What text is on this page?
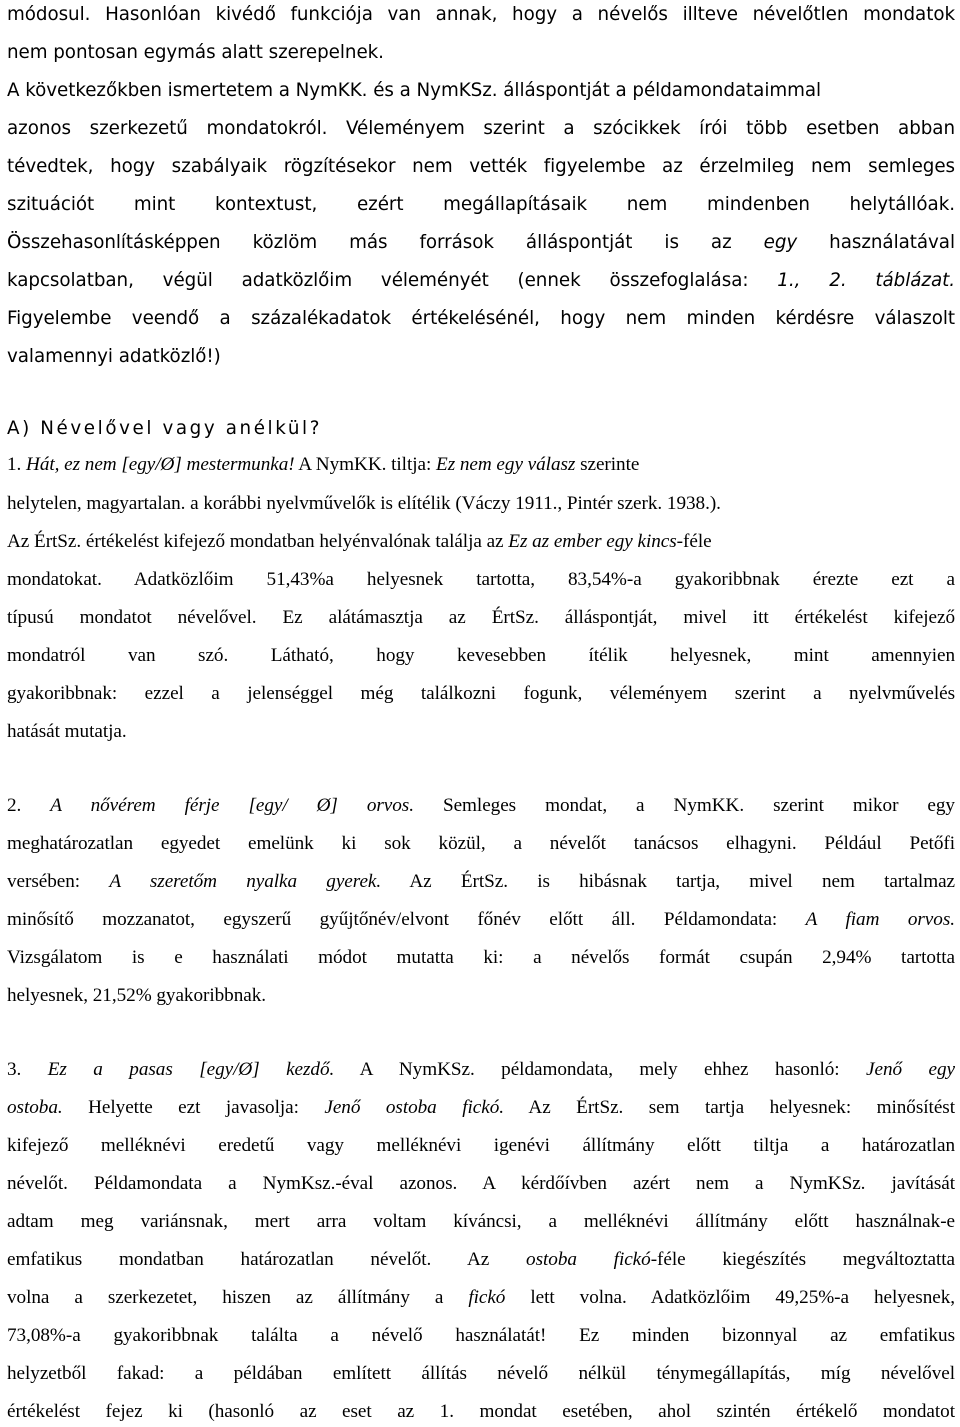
módosul. Hasonlóan kivédő funkciója van annak, hogy a névelős illteve névelőtlen mondatok
nem pontosan egymás alatt szerepelnek.
A következőkben ismertetem a NymKK. és a NymKSz. álláspontját a példamondataimmal
azonos szerkezetű mondatokról. Véleményem szerint a szócikkek írói több esetben abban
tévedtek, hogy szabályaik rögzítésekor nem vették figyelembe az érzelmileg nem semleges
szituációt mint kontextust, ezért megállapításaik nem mindenben helytállóak.
Összehasonlításképpen közlöm más források álláspontját is az egy használatával
kapcsolatban, végül adatközlőim véleményét (ennek összefoglalása: 1., 2. táblázat.
Figyelembe veendő a százalékadatok értékelésénél, hogy nem minden kérdésre válaszolt
valamennyi adatközlő!)
A) Névelővel vagy anélkül?
1. Hát, ez nem [egy/Ø] mestermunka! A NymKK. tiltja: Ez nem egy válasz szerinte
helytelen, magyartalan. a korábbi nyelvművelők is elítélik (Váczy 1911., Pintér szerk. 1938.).
Az ÉrtSz. értékelést kifejező mondatban helyénvalónak találja az Ez az ember egy kincs-féle
mondatokat. Adatközlőim 51,43%a helyesnek tartotta, 83,54%-a gyakoribbnak érezte ezt a
típusú mondatot névelővel. Ez alátámasztja az ÉrtSz. álláspontját, mivel itt értékelést kifejező
mondatról van szó. Látható, hogy kevesebben ítélik helyesnek, mint amennyien
gyakoribbnak: ezzel a jelenséggel még találkozni fogunk, véleményem szerint a nyelvművelés
hatását mutatja.
2. A nővérem férje [egy/ Ø] orvos. Semleges mondat, a NymKK. szerint mikor egy
meghatározatlan egyedet emelünk ki sok közül, a névelőt tanácsos elhagyni. Például Petőfi
versében: A szeretőm nyalka gyerek. Az ÉrtSz. is hibásnak tartja, mivel nem tartalmaz
minősítő mozzanatot, egyszerű gyűjtőnév/elvont főnév előtt áll. Példamondata: A fiam orvos.
Vizsgálatom is e használati módot mutatta ki: a névelős formát csupán 2,94% tartotta
helyesnek, 21,52% gyakoribbnak.
3. Ez a pasas [egy/Ø] kezdő. A NymKSz. példamondata, mely ehhez hasonló: Jenő egy
ostoba. Helyette ezt javasolja: Jenő ostoba fickó. Az ÉrtSz. sem tartja helyesnek: minősítést
kifejező melléknévi eredetű vagy melléknévi igenévi állítmány előtt tiltja a határozatlan
névelőt. Példamondata a NymKsz.-éval azonos. A kérdőívben azért nem a NymKSz. javítását
adtam meg variánsnak, mert arra voltam kíváncsi, a melléknévi állítmány előtt használnak-e
emfatikus mondatban határozatlan névelőt. Az ostoba fickó-féle kiegészítés megváltoztatta
volna a szerkezetet, hiszen az állítmány a fickó lett volna. Adatközlőim 49,25%-a helyesnek,
73,08%-a gyakoribbnak találta a névelő használatát! Ez minden bizonnyal az emfatikus
helyzetből fakad: a példában említett állítás névelő nélkül ténymegállapítás, míg névelővel
értékelést fejez ki (hasonló az eset az 1. mondat esetében, ahol szintén értékelő mondatot
